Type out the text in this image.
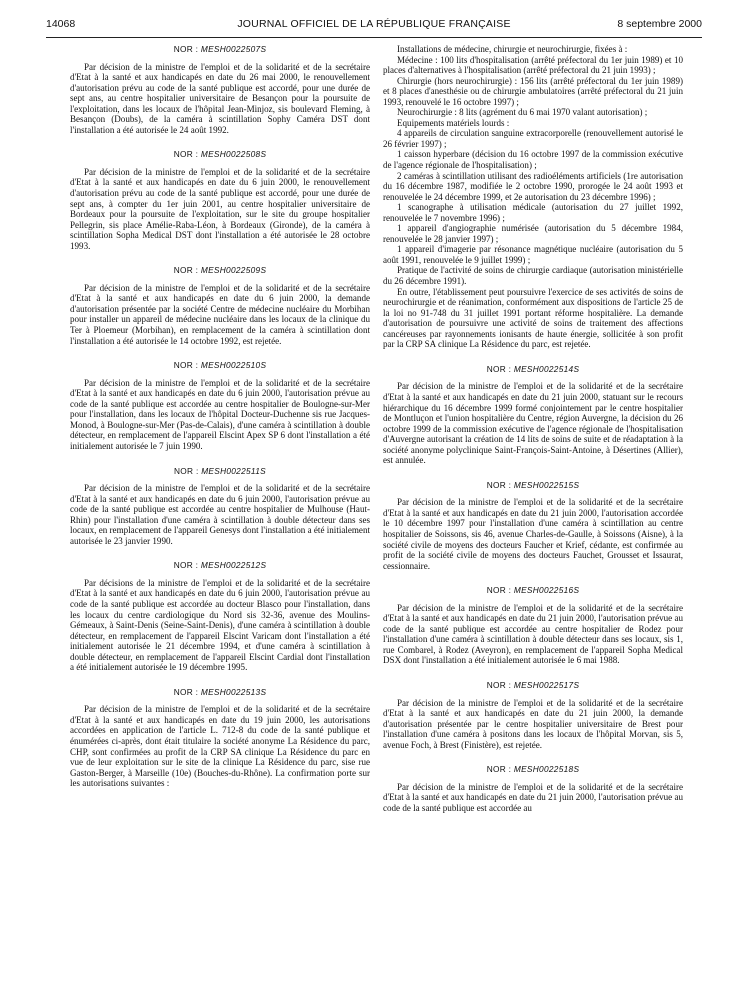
14068	JOURNAL OFFICIEL DE LA RÉPUBLIQUE FRANÇAISE	8 septembre 2000

NOR : MESH0022507S

Par décision de la ministre de l'emploi et de la solidarité et de la secrétaire d'Etat à la santé et aux handicapés en date du 26 mai 2000, le renouvellement d'autorisation prévu au code de la santé publique est accordé, pour une durée de sept ans, au centre hospitalier universitaire de Besançon pour la poursuite de l'exploitation, dans les locaux de l'hôpital Jean-Minjoz, sis boulevard Fleming, à Besançon (Doubs), de la caméra à scintillation Sophy Caméra DST dont l'installation a été autorisée le 24 août 1992.

NOR : MESH0022508S

Par décision de la ministre de l'emploi et de la solidarité et de la secrétaire d'Etat à la santé et aux handicapés en date du 6 juin 2000, le renouvellement d'autorisation prévu au code de la santé publique est accordé, pour une durée de sept ans, à compter du 1er juin 2001, au centre hospitalier universitaire de Bordeaux pour la poursuite de l'exploitation, sur le site du groupe hospitalier Pellegrin, sis place Amélie-Raba-Léon, à Bordeaux (Gironde), de la caméra à scintillation Sopha Medical DST dont l'installation a été autorisée le 28 octobre 1993.

NOR : MESH0022509S

Par décision de la ministre de l'emploi et de la solidarité et de la secrétaire d'Etat à la santé et aux handicapés en date du 6 juin 2000, la demande d'autorisation présentée par la société Centre de médecine nucléaire du Morbihan pour installer un appareil de médecine nucléaire dans les locaux de la clinique du Ter à Ploemeur (Morbihan), en remplacement de la caméra à scintillation dont l'installation a été autorisée le 14 octobre 1992, est rejetée.

NOR : MESH0022510S

Par décision de la ministre de l'emploi et de la solidarité et de la secrétaire d'Etat à la santé et aux handicapés en date du 6 juin 2000, l'autorisation prévue au code de la santé publique est accordée au centre hospitalier de Boulogne-sur-Mer pour l'installation, dans les locaux de l'hôpital Docteur-Duchenne sis rue Jacques-Monod, à Boulogne-sur-Mer (Pas-de-Calais), d'une caméra à scintillation à double détecteur, en remplacement de l'appareil Elscint Apex SP 6 dont l'installation a été initialement autorisée le 7 juin 1990.

NOR : MESH0022511S

Par décision de la ministre de l'emploi et de la solidarité et de la secrétaire d'Etat à la santé et aux handicapés en date du 6 juin 2000, l'autorisation prévue au code de la santé publique est accordée au centre hospitalier de Mulhouse (Haut-Rhin) pour l'installation d'une caméra à scintillation à double détecteur dans ses locaux, en remplacement de l'appareil Genesys dont l'installation a été initialement autorisée le 23 janvier 1990.

NOR : MESH0022512S

Par décisions de la ministre de l'emploi et de la solidarité et de la secrétaire d'Etat à la santé et aux handicapés en date du 6 juin 2000, l'autorisation prévue au code de la santé publique est accordée au docteur Blasco pour l'installation, dans les locaux du centre cardiologique du Nord sis 32-36, avenue des Moulins-Gémeaux, à Saint-Denis (Seine-Saint-Denis), d'une caméra à scintillation à double détecteur, en remplacement de l'appareil Elscint Varicam dont l'installation a été initialement autorisée le 21 décembre 1994, et d'une caméra à scintillation à double détecteur, en remplacement de l'appareil Elscint Cardial dont l'installation a été initialement autorisée le 19 décembre 1995.

NOR : MESH0022513S

Par décision de la ministre de l'emploi et de la solidarité et de la secrétaire d'Etat à la santé et aux handicapés en date du 19 juin 2000, les autorisations accordées en application de l'article L. 712-8 du code de la santé publique et énumérées ci-après, dont était titulaire la société anonyme La Résidence du parc, CHP, sont confirmées au profit de la CRP SA clinique La Résidence du parc en vue de leur exploitation sur le site de la clinique La Résidence du parc, sise rue Gaston-Berger, à Marseille (10e) (Bouches-du-Rhône). La confirmation porte sur les autorisations suivantes :

Installations de médecine, chirurgie et neurochirurgie, fixées à :

Médecine : 100 lits d'hospitalisation (arrêté préfectoral du 1er juin 1989) et 10 places d'alternatives à l'hospitalisation (arrêté préfectoral du 21 juin 1993) ;

Chirurgie (hors neurochirurgie) : 156 lits (arrêté préfectoral du 1er juin 1989) et 8 places d'anesthésie ou de chirurgie ambulatoires (arrêté préfectoral du 21 juin 1993, renouvelé le 16 octobre 1997) ;

Neurochirurgie : 8 lits (agrément du 6 mai 1970 valant autorisation) ;

Equipements matériels lourds :

4 appareils de circulation sanguine extracorporelle (renouvellement autorisé le 26 février 1997) ;

1 caisson hyperbare (décision du 16 octobre 1997 de la commission exécutive de l'agence régionale de l'hospitalisation) ;

2 caméras à scintillation utilisant des radioéléments artificiels (1re autorisation du 16 décembre 1987, modifiée le 2 octobre 1990, prorogée le 24 août 1993 et renouvelée le 24 décembre 1999, et 2e autorisation du 23 décembre 1996) ;

1 scanographe à utilisation médicale (autorisation du 27 juillet 1992, renouvelée le 7 novembre 1996) ;

1 appareil d'angiographie numérisée (autorisation du 5 décembre 1984, renouvelée le 28 janvier 1997) ;

1 appareil d'imagerie par résonance magnétique nucléaire (autorisation du 5 août 1991, renouvelée le 9 juillet 1999) ;

Pratique de l'activité de soins de chirurgie cardiaque (autorisation ministérielle du 26 décembre 1991).

En outre, l'établissement peut poursuivre l'exercice de ses activités de soins de neurochirurgie et de réanimation, conformément aux dispositions de l'article 25 de la loi no 91-748 du 31 juillet 1991 portant réforme hospitalière. La demande d'autorisation de poursuivre une activité de soins de traitement des affections cancéreuses par rayonnements ionisants de haute énergie, sollicitée à son profit par la CRP SA clinique La Résidence du parc, est rejetée.

NOR : MESH0022514S

Par décision de la ministre de l'emploi et de la solidarité et de la secrétaire d'Etat à la santé et aux handicapés en date du 21 juin 2000, statuant sur le recours hiérarchique du 16 décembre 1999 formé conjointement par le centre hospitalier de Montluçon et l'union hospitalière du Centre, région Auvergne, la décision du 26 octobre 1999 de la commission exécutive de l'agence régionale de l'hospitalisation d'Auvergne autorisant la création de 14 lits de soins de suite et de réadaptation à la société anonyme polyclinique Saint-François-Saint-Antoine, à Désertines (Allier), est annulée.

NOR : MESH0022515S

Par décision de la ministre de l'emploi et de la solidarité et de la secrétaire d'Etat à la santé et aux handicapés en date du 21 juin 2000, l'autorisation accordée le 10 décembre 1997 pour l'installation d'une caméra à scintillation au centre hospitalier de Soissons, sis 46, avenue Charles-de-Gaulle, à Soissons (Aisne), à la société civile de moyens des docteurs Faucher et Krief, cédante, est confirmée au profit de la société civile de moyens des docteurs Fauchet, Grousset et Issaurat, cessionnaire.

NOR : MESH0022516S

Par décision de la ministre de l'emploi et de la solidarité et de la secrétaire d'Etat à la santé et aux handicapés en date du 21 juin 2000, l'autorisation prévue au code de la santé publique est accordée au centre hospitalier de Rodez pour l'installation d'une caméra à scintillation à double détecteur dans ses locaux, sis 1, rue Combarel, à Rodez (Aveyron), en remplacement de l'appareil Sopha Medical DSX dont l'installation a été initialement autorisée le 6 mai 1988.

NOR : MESH0022517S

Par décision de la ministre de l'emploi et de la solidarité et de la secrétaire d'Etat à la santé et aux handicapés en date du 21 juin 2000, la demande d'autorisation présentée par le centre hospitalier universitaire de Brest pour l'installation d'une caméra à positons dans les locaux de l'hôpital Morvan, sis 5, avenue Foch, à Brest (Finistère), est rejetée.

NOR : MESH0022518S

Par décision de la ministre de l'emploi et de la solidarité et de la secrétaire d'Etat à la santé et aux handicapés en date du 21 juin 2000, l'autorisation prévue au code de la santé publique est accordée au
